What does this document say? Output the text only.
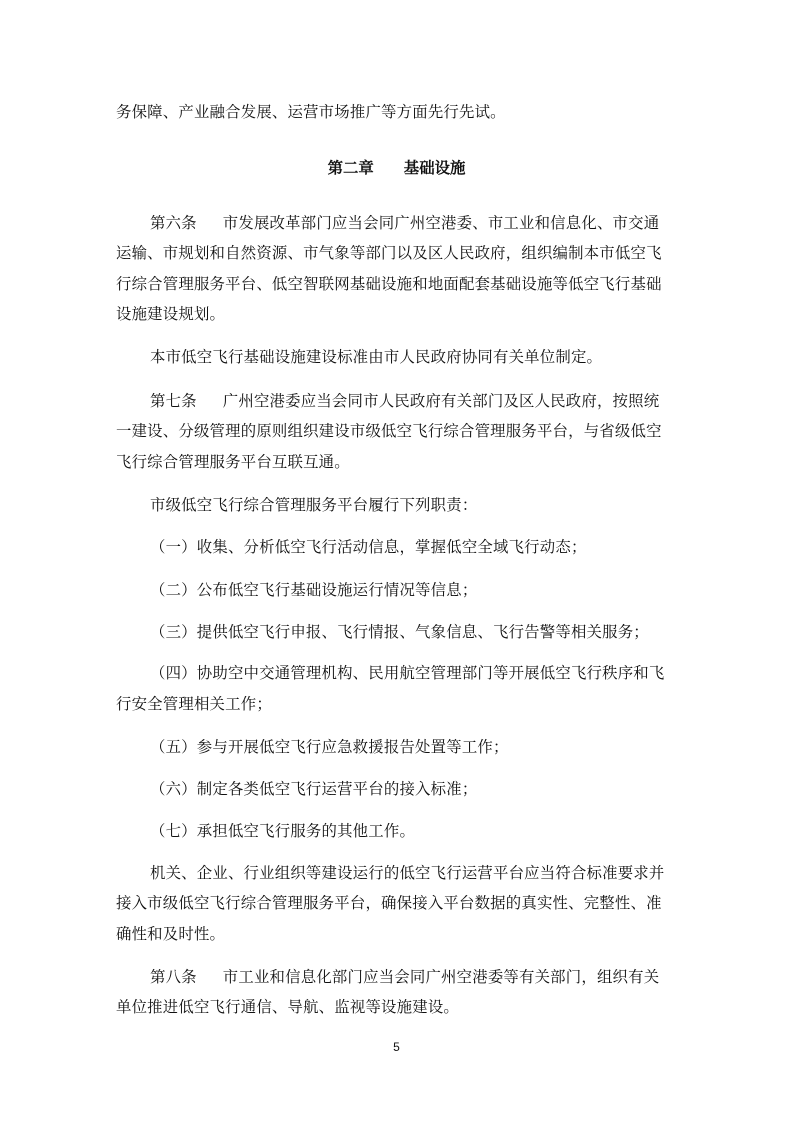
务保障、产业融合发展、运营市场推广等方面先行先试。
第二章 基础设施
第六条 市发展改革部门应当会同广州空港委、市工业和信息化、市交通
运输、市规划和自然资源、市气象等部门以及区人民政府，组织编制本市低空飞
行综合管理服务平台、低空智联网基础设施和地面配套基础设施等低空飞行基础
设施建设规划。
本市低空飞行基础设施建设标准由市人民政府协同有关单位制定。
第七条 广州空港委应当会同市人民政府有关部门及区人民政府，按照统
一建设、分级管理的原则组织建设市级低空飞行综合管理服务平台，与省级低空
飞行综合管理服务平台互联互通。
市级低空飞行综合管理服务平台履行下列职责：
（一）收集、分析低空飞行活动信息，掌握低空全域飞行动态；
（二）公布低空飞行基础设施运行情况等信息；
（三）提供低空飞行申报、飞行情报、气象信息、飞行告警等相关服务；
（四）协助空中交通管理机构、民用航空管理部门等开展低空飞行秩序和飞
行安全管理相关工作；
（五）参与开展低空飞行应急救援报告处置等工作；
（六）制定各类低空飞行运营平台的接入标准；
（七）承担低空飞行服务的其他工作。
机关、企业、行业组织等建设运行的低空飞行运营平台应当符合标准要求并
接入市级低空飞行综合管理服务平台，确保接入平台数据的真实性、完整性、准
确性和及时性。
第八条 市工业和信息化部门应当会同广州空港委等有关部门，组织有关
单位推进低空飞行通信、导航、监视等设施建设。
5
